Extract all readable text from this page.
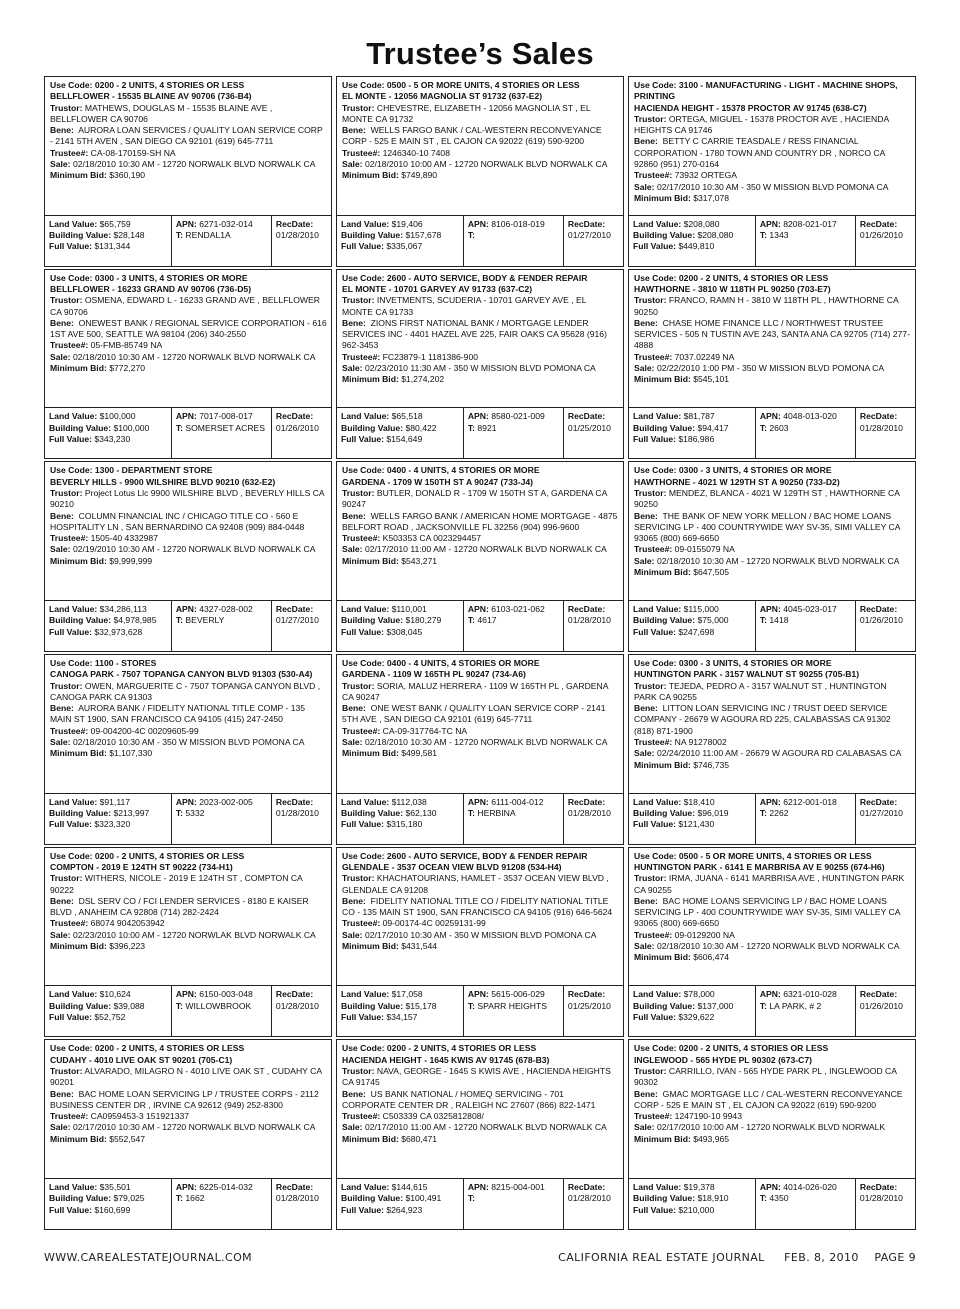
Trustee’s Sales
Use Code: 0200 - 2 UNITS, 4 STORIES OR LESS
BELLFLOWER - 15535 BLAINE AV 90706 (736-B4)
Trustor: MATHEWS, DOUGLAS M - 15535 BLAINE AVE , BELLFLOWER CA 90706
Bene: AURORA LOAN SERVICES / QUALITY LOAN SERVICE CORP - 2141 5TH AVEN , SAN DIEGO CA 92101 (619) 645-7711
Trustee#: CA-08-170159-SH NA
Sale: 02/18/2010 10:30 AM - 12720 NORWALK BLVD NORWALK CA
Minimum Bid: $360,190
Land Value: $65,759
Building Value: $28,148
Full Value: $131,344
APN: 6271-032-014
T: RENDAL1A
RecDate:
01/28/2010
Use Code: 0500 - 5 OR MORE UNITS, 4 STORIES OR LESS
EL MONTE - 12056 MAGNOLIA ST 91732 (637-E2)
Trustor: CHEVESTRE, ELIZABETH - 12056 MAGNOLIA ST , EL MONTE CA 91732
Bene: WELLS FARGO BANK / CAL-WESTERN RECONVEYANCE CORP - 525 E MAIN ST , EL CAJON CA 92022 (619) 590-9200
Trustee#: 1246340-10 7408
Sale: 02/18/2010 10:00 AM - 12720 NORWALK BLVD NORWALK CA
Minimum Bid: $749,890
Land Value: $19,406
Building Value: $157,678
Full Value: $335,067
APN: 8106-018-019
T:
RecDate:
01/27/2010
Use Code: 3100 - MANUFACTURING - LIGHT - MACHINE SHOPS, PRINTING
HACIENDA HEIGHT - 15378 PROCTOR AV 91745 (638-C7)
Trustor: ORTEGA, MIGUEL - 15378 PROCTOR AVE , HACIENDA HEIGHTS CA 91746
Bene: BETTY C CARRIE TEASDALE / RESS FINANCIAL CORPORATION - 1780 TOWN AND COUNTRY DR , NORCO CA 92860 (951) 270-0164
Trustee#: 73932 ORTEGA
Sale: 02/17/2010 10:30 AM - 350 W MISSION BLVD POMONA CA
Minimum Bid: $317,078
Land Value: $208,080
Building Value: $208,080
Full Value: $449,810
APN: 8208-021-017
T: 1343
RecDate:
01/26/2010
Use Code: 0300 - 3 UNITS, 4 STORIES OR MORE
BELLFLOWER - 16233 GRAND AV 90706 (736-D5)
Trustor: OSMENA, EDWARD L - 16233 GRAND AVE , BELLFLOWER CA 90706
Bene: ONEWEST BANK / REGIONAL SERVICE CORPORATION - 616 1ST AVE 500, SEATTLE WA 98104 (206) 340-2550
Trustee#: 05-FMB-85749 NA
Sale: 02/18/2010 10:30 AM - 12720 NORWALK BLVD NORWALK CA
Minimum Bid: $772,270
Land Value: $100,000
Building Value: $100,000
Full Value: $343,230
APN: 7017-008-017
T: SOMERSET ACRES
RecDate:
01/26/2010
Use Code: 2600 - AUTO SERVICE, BODY & FENDER REPAIR
EL MONTE - 10701 GARVEY AV 91733 (637-C2)
Trustor: INVETMENTS, SCUDERIA - 10701 GARVEY AVE , EL MONTE CA 91733
Bene: ZIONS FIRST NATIONAL BANK / MORTGAGE LENDER SERVICES INC - 4401 HAZEL AVE 225, FAIR OAKS CA 95628 (916) 962-3453
Trustee#: FC23879-1 1181386-900
Sale: 02/23/2010 11:30 AM - 350 W MISSION BLVD POMONA CA
Minimum Bid: $1,274,202
Land Value: $65,518
Building Value: $80,422
Full Value: $154,649
APN: 8580-021-009
T: 8921
RecDate:
01/25/2010
Use Code: 0200 - 2 UNITS, 4 STORIES OR LESS
HAWTHORNE - 3810 W 118TH PL 90250 (703-E7)
Trustor: FRANCO, RAMN H - 3810 W 118TH PL , HAWTHORNE CA 90250
Bene: CHASE HOME FINANCE LLC / NORTHWEST TRUSTEE SERVICES - 505 N TUSTIN AVE 243, SANTA ANA CA 92705 (714) 277-4888
Trustee#: 7037.02249 NA
Sale: 02/22/2010 1:00 PM - 350 W MISSION BLVD POMONA CA
Minimum Bid: $545,101
Land Value: $81,787
Building Value: $94,417
Full Value: $186,986
APN: 4048-013-020
T: 2603
RecDate:
01/28/2010
Use Code: 1300 - DEPARTMENT STORE
BEVERLY HILLS - 9900 WILSHIRE BLVD 90210 (632-E2)
Trustor: Project Lotus Llc 9900 WILSHIRE BLVD , BEVERLY HILLS CA 90210
Bene: COLUMN FINANCIAL INC / CHICAGO TITLE CO - 560 E HOSPITALITY LN , SAN BERNARDINO CA 92408 (909) 884-0448
Trustee#: 1505-40 4332987
Sale: 02/19/2010 10:30 AM - 12720 NORWALK BLVD NORWALK CA
Minimum Bid: $9,999,999
Land Value: $34,286,113
Building Value: $4,978,985
Full Value: $32,973,628
APN: 4327-028-002
T: BEVERLY
RecDate:
01/27/2010
Use Code: 0400 - 4 UNITS, 4 STORIES OR MORE
GARDENA - 1709 W 150TH ST A 90247 (733-J4)
Trustor: BUTLER, DONALD R - 1709 W 150TH ST A, GARDENA CA 90247
Bene: WELLS FARGO BANK / AMERICAN HOME MORTGAGE - 4875 BELFORT ROAD , JACKSONVILLE FL 32256 (904) 996-9600
Trustee#: K503353 CA 0023294457
Sale: 02/17/2010 11:00 AM - 12720 NORWALK BLVD NORWALK CA
Minimum Bid: $543,271
Land Value: $110,001
Building Value: $180,279
Full Value: $308,045
APN: 6103-021-062
T: 4617
RecDate:
01/28/2010
Use Code: 0300 - 3 UNITS, 4 STORIES OR MORE
HAWTHORNE - 4021 W 129TH ST A 90250 (733-D2)
Trustor: MENDEZ, BLANCA - 4021 W 129TH ST , HAWTHORNE CA 90250
Bene: THE BANK OF NEW YORK MELLON / BAC HOME LOANS SERVICING LP - 400 COUNTRYWIDE WAY SV-35, SIMI VALLEY CA 93065 (800) 669-6650
Trustee#: 09-0155079 NA
Sale: 02/18/2010 10:30 AM - 12720 NORWALK BLVD NORWALK CA
Minimum Bid: $647,505
Land Value: $115,000
Building Value: $75,000
Full Value: $247,698
APN: 4045-023-017
T: 1418
RecDate:
01/26/2010
Use Code: 1100 - STORES
CANOGA PARK - 7507 TOPANGA CANYON BLVD 91303 (530-A4)
Trustor: OWEN, MARGUERITE C - 7507 TOPANGA CANYON BLVD , CANOGA PARK CA 91303
Bene: AURORA BANK / FIDELITY NATIONAL TITLE COMP - 135 MAIN ST 1900, SAN FRANCISCO CA 94105 (415) 247-2450
Trustee#: 09-004200-4C 00209605-99
Sale: 02/18/2010 10:30 AM - 350 W MISSION BLVD POMONA CA
Minimum Bid: $1,107,330
Land Value: $91,117
Building Value: $213,997
Full Value: $323,320
APN: 2023-002-005
T: 5332
RecDate:
01/28/2010
Use Code: 0400 - 4 UNITS, 4 STORIES OR MORE
GARDENA - 1109 W 165TH PL 90247 (734-A6)
Trustor: SORIA, MALUZ HERRERA - 1109 W 165TH PL , GARDENA CA 90247
Bene: ONE WEST BANK / QUALITY LOAN SERVICE CORP - 2141 5TH AVE , SAN DIEGO CA 92101 (619) 645-7711
Trustee#: CA-09-317764-TC NA
Sale: 02/18/2010 10:30 AM - 12720 NORWALK BLVD NORWALK CA
Minimum Bid: $499,581
Land Value: $112,038
Building Value: $62,130
Full Value: $315,180
APN: 6111-004-012
T: HERBINA
RecDate:
01/28/2010
Use Code: 0300 - 3 UNITS, 4 STORIES OR MORE
HUNTINGTON PARK - 3157 WALNUT ST 90255 (705-B1)
Trustor: TEJEDA, PEDRO A - 3157 WALNUT ST , HUNTINGTON PARK CA 90255
Bene: LITTON LOAN SERVICING INC / TRUST DEED SERVICE COMPANY - 26679 W AGOURA RD 225, CALABASSAS CA 91302 (818) 871-1900
Trustee#: NA 91278002
Sale: 02/24/2010 11:00 AM - 26679 W AGOURA RD CALABASAS CA
Minimum Bid: $746,735
Land Value: $18,410
Building Value: $96,019
Full Value: $121,430
APN: 6212-001-018
T: 2262
RecDate:
01/27/2010
Use Code: 0200 - 2 UNITS, 4 STORIES OR LESS
COMPTON - 2019 E 124TH ST 90222 (734-H1)
Trustor: WITHERS, NICOLE - 2019 E 124TH ST , COMPTON CA 90222
Bene: DSL SERV CO / FCI LENDER SERVICES - 8180 E KAISER BLVD , ANAHEIM CA 92808 (714) 282-2424
Trustee#: 68074 9042053942
Sale: 02/23/2010 10:00 AM - 12720 NORWLAK BLVD NORWALK CA
Minimum Bid: $396,223
Land Value: $10,624
Building Value: $39,088
Full Value: $52,752
APN: 6150-003-048
T: WILLOWBROOK
RecDate:
01/28/2010
Use Code: 2600 - AUTO SERVICE, BODY & FENDER REPAIR
GLENDALE - 3537 OCEAN VIEW BLVD 91208 (534-H4)
Trustor: KHACHATOURIANS, HAMLET - 3537 OCEAN VIEW BLVD , GLENDALE CA 91208
Bene: FIDELITY NATIONAL TITLE CO / FIDELITY NATIONAL TITLE CO - 135 MAIN ST 1900, SAN FRANCISCO CA 94105 (916) 646-5624
Trustee#: 09-00174-4C 00259131-99
Sale: 02/17/2010 10:30 AM - 350 W MISSION BLVD POMONA CA
Minimum Bid: $431,544
Land Value: $17,058
Building Value: $15,178
Full Value: $34,157
APN: 5615-006-029
T: SPARR HEIGHTS
RecDate:
01/25/2010
Use Code: 0500 - 5 OR MORE UNITS, 4 STORIES OR LESS
HUNTINGTON PARK - 6141 E MARBRISA AV E 90255 (674-H6)
Trustor: IRMA, JUANA - 6141 MARBRISA AVE , HUNTINGTON PARK CA 90255
Bene: BAC HOME LOANS SERVICING LP / BAC HOME LOANS SERVICING LP - 400 COUNTRYWIDE WAY SV-35, SIMI VALLEY CA 93065 (800) 669-6650
Trustee#: 09-0129200 NA
Sale: 02/18/2010 10:30 AM - 12720 NORWALK BLVD NORWALK CA
Minimum Bid: $606,474
Land Value: $78,000
Building Value: $137,000
Full Value: $329,622
APN: 6321-010-028
T: LA PARK, # 2
RecDate:
01/26/2010
Use Code: 0200 - 2 UNITS, 4 STORIES OR LESS
CUDAHY - 4010 LIVE OAK ST 90201 (705-C1)
Trustor: ALVARADO, MILAGRO N - 4010 LIVE OAK ST , CUDAHY CA 90201
Bene: BAC HOME LOAN SERVICING LP / TRUSTEE CORPS - 2112 BUSINESS CENTER DR , IRVINE CA 92612 (949) 252-8300
Trustee#: CA0959453-3 151921337
Sale: 02/17/2010 10:30 AM - 12720 NORWALK BLVD NORWALK CA
Minimum Bid: $552,547
Land Value: $35,501
Building Value: $79,025
Full Value: $160,699
APN: 6225-014-032
T: 1662
RecDate:
01/28/2010
Use Code: 0200 - 2 UNITS, 4 STORIES OR LESS
HACIENDA HEIGHT - 1645 KWIS AV 91745 (678-B3)
Trustor: NAVA, GEORGE - 1645 S KWIS AVE , HACIENDA HEIGHTS CA 91745
Bene: US BANK NATIONAL / HOMEQ SERVICING - 701 CORPORATE CENTER DR , RALEIGH NC 27607 (866) 822-1471
Trustee#: C503339 CA 0325812808/
Sale: 02/17/2010 11:00 AM - 12720 NORWALK BLVD NORWALK CA
Minimum Bid: $680,471
Land Value: $144,615
Building Value: $100,491
Full Value: $264,923
APN: 8215-004-001
T:
RecDate:
01/28/2010
Use Code: 0200 - 2 UNITS, 4 STORIES OR LESS
INGLEWOOD - 565 HYDE PL 90302 (673-C7)
Trustor: CARRILLO, IVAN - 565 HYDE PARK PL , INGLEWOOD CA 90302
Bene: GMAC MORTGAGE LLC / CAL-WESTERN RECONVEYANCE CORP - 525 E MAIN ST , EL CAJON CA 92022 (619) 590-9200
Trustee#: 1247190-10 9943
Sale: 02/17/2010 10:00 AM - 12720 NORWALK BLVD NORWALK
Minimum Bid: $493,965
Land Value: $19,378
Building Value: $18,910
Full Value: $210,000
APN: 4014-026-020
T: 4350
RecDate:
01/28/2010
WWW.CAREALESTATEJOURNAL.COM	CALIFORNIA REAL ESTATE JOURNAL     FEB. 8, 2010    PAGE 9
